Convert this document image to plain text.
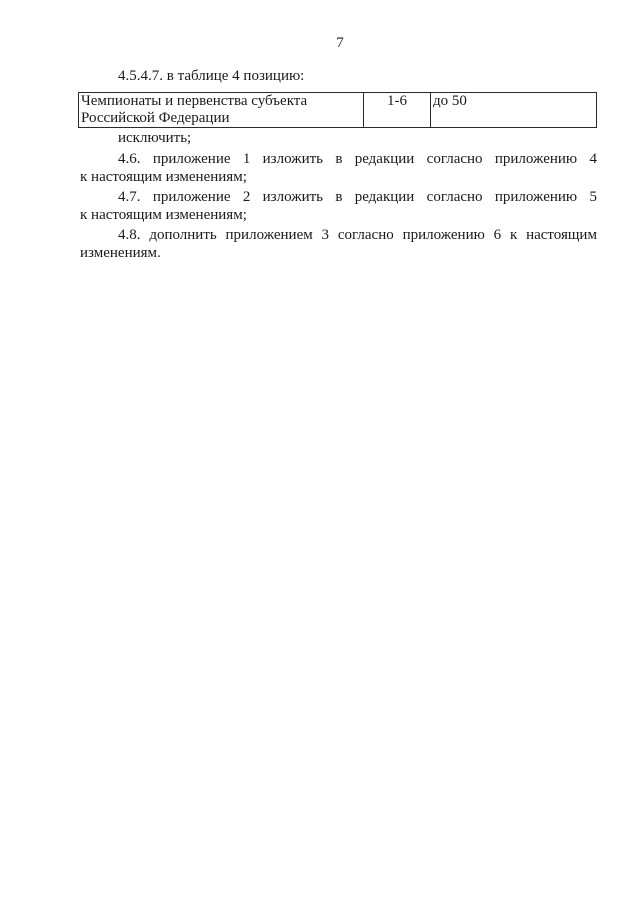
7
4.5.4.7. в таблице 4 позицию:
Чемпионаты и первенства субъекта
Российской Федерации
	1-6	до 50
исключить;
4.6. приложение 1 изложить в редакции согласно приложению 4
к настоящим изменениям;
4.7. приложение 2 изложить в редакции согласно приложению 5
к настоящим изменениям;
4.8. дополнить приложением 3 согласно приложению 6 к настоящим
изменениям.
